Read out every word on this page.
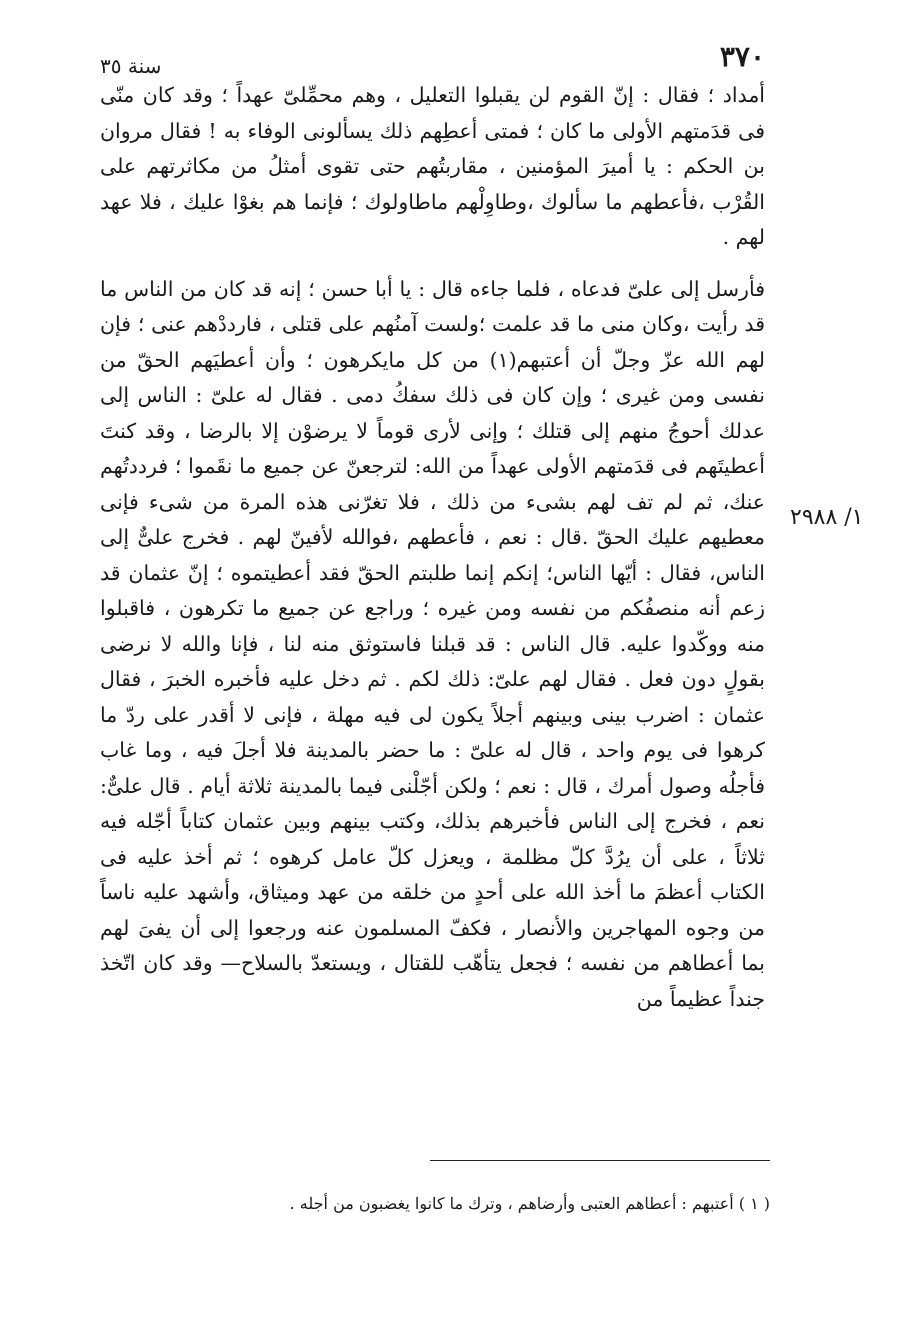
٣٧٠
سنة ٣٥

أمداد ؛ فقال : إنّ القوم لن يقبلوا التعليل ، وهم محمِّلىّ عهداً ؛ وقد كان منّى فى قدَمتهم الأولى ما كان ؛ فمتى أعطِهم ذلك يسألونى الوفاء به ! فقال مروان بن الحكم : يا أميرَ المؤمنين ، مقاربتُهم حتى تقوى أمثلُ من مكاثرتهم على القُرْب ،فأعطهم ما سألوك ،وطاوِلْهم ماطاولوك ؛ فإنما هم بغوْا عليك ، فلا عهد لهم .

فأرسل إلى علىّ فدعاه ، فلما جاءه قال : يا أبا حسن ؛ إنه قد كان من الناس ما قد رأيت ،وكان منى ما قد علمت ؛ولست آمنُهم على قتلى ، فارددْهم عنى ؛ فإن لهم الله عزّ وجلّ أن أعتبهم(١) من كل مايكرهون ؛ وأن أعطيَهم الحقّ من نفسى ومن غيرى ؛ وإن كان فى ذلك سفكُ دمى . فقال له علىّ : الناس إلى عدلك أحوجُ منهم إلى قتلك ؛ وإنى لأرى قوماً لا يرضوْن إلا بالرضا ، وقد كنتَ أعطيتَهم فى قدَمتهم الأولى عهداً من الله: لترجعنّ عن جميع ما نقَموا ؛ فرددتُهم عنك، ثم لم تف لهم بشىء من ذلك ، فلا تغرّنى هذه المرة من شىء فإنى معطيهم عليك الحقّ .قال : نعم ، فأعطهم ،فوالله لأفينّ لهم . فخرج علىٌّ إلى الناس، فقال : أيّها الناس؛ إنكم إنما طلبتم الحقّ فقد أعطيتموه ؛ إنّ عثمان قد زعم أنه منصفُكم من نفسه ومن غيره ؛ وراجع عن جميع ما تكرهون ، فاقبلوا منه ووكّدوا عليه. قال الناس : قد قبلنا فاستوثق منه لنا ، فإنا والله لا نرضى بقولٍ دون فعل . فقال لهم علىّ: ذلك لكم . ثم دخل عليه فأخبره الخبرَ ، فقال عثمان : اضرب بينى وبينهم أجلاً يكون لى فيه مهلة ، فإنى لا أقدر على ردّ ما كرهوا فى يوم واحد ، قال له علىّ : ما حضر بالمدينة فلا أجلَ فيه ، وما غاب فأجلُه وصول أمرك ، قال : نعم ؛ ولكن أجّلْنى فيما بالمدينة ثلاثة أيام . قال علىٌّ: نعم ، فخرج إلى الناس فأخبرهم بذلك، وكتب بينهم وبين عثمان كتاباً أجّله فيه ثلاثاً ، على أن يرُدَّ كلّ مظلمة ، ويعزل كلّ عامل كرهوه ؛ ثم أخذ عليه فى الكتاب أعظمَ ما أخذ الله على أحدٍ من خلقه من عهد وميثاق، وأشهد عليه ناساً من وجوه المهاجرين والأنصار ، فكفّ المسلمون عنه ورجعوا إلى أن يفىَ لهم بما أعطاهم من نفسه ؛ فجعل يتأهّب للقتال ، ويستعدّ بالسلاح— وقد كان اتّخذ جنداً عظيماً من

١/ ٢٩٨٨
( ١ ) أعتبهم : أعطاهم العتبى وأرضاهم ، وترك ما كانوا يغضبون من أجله .
